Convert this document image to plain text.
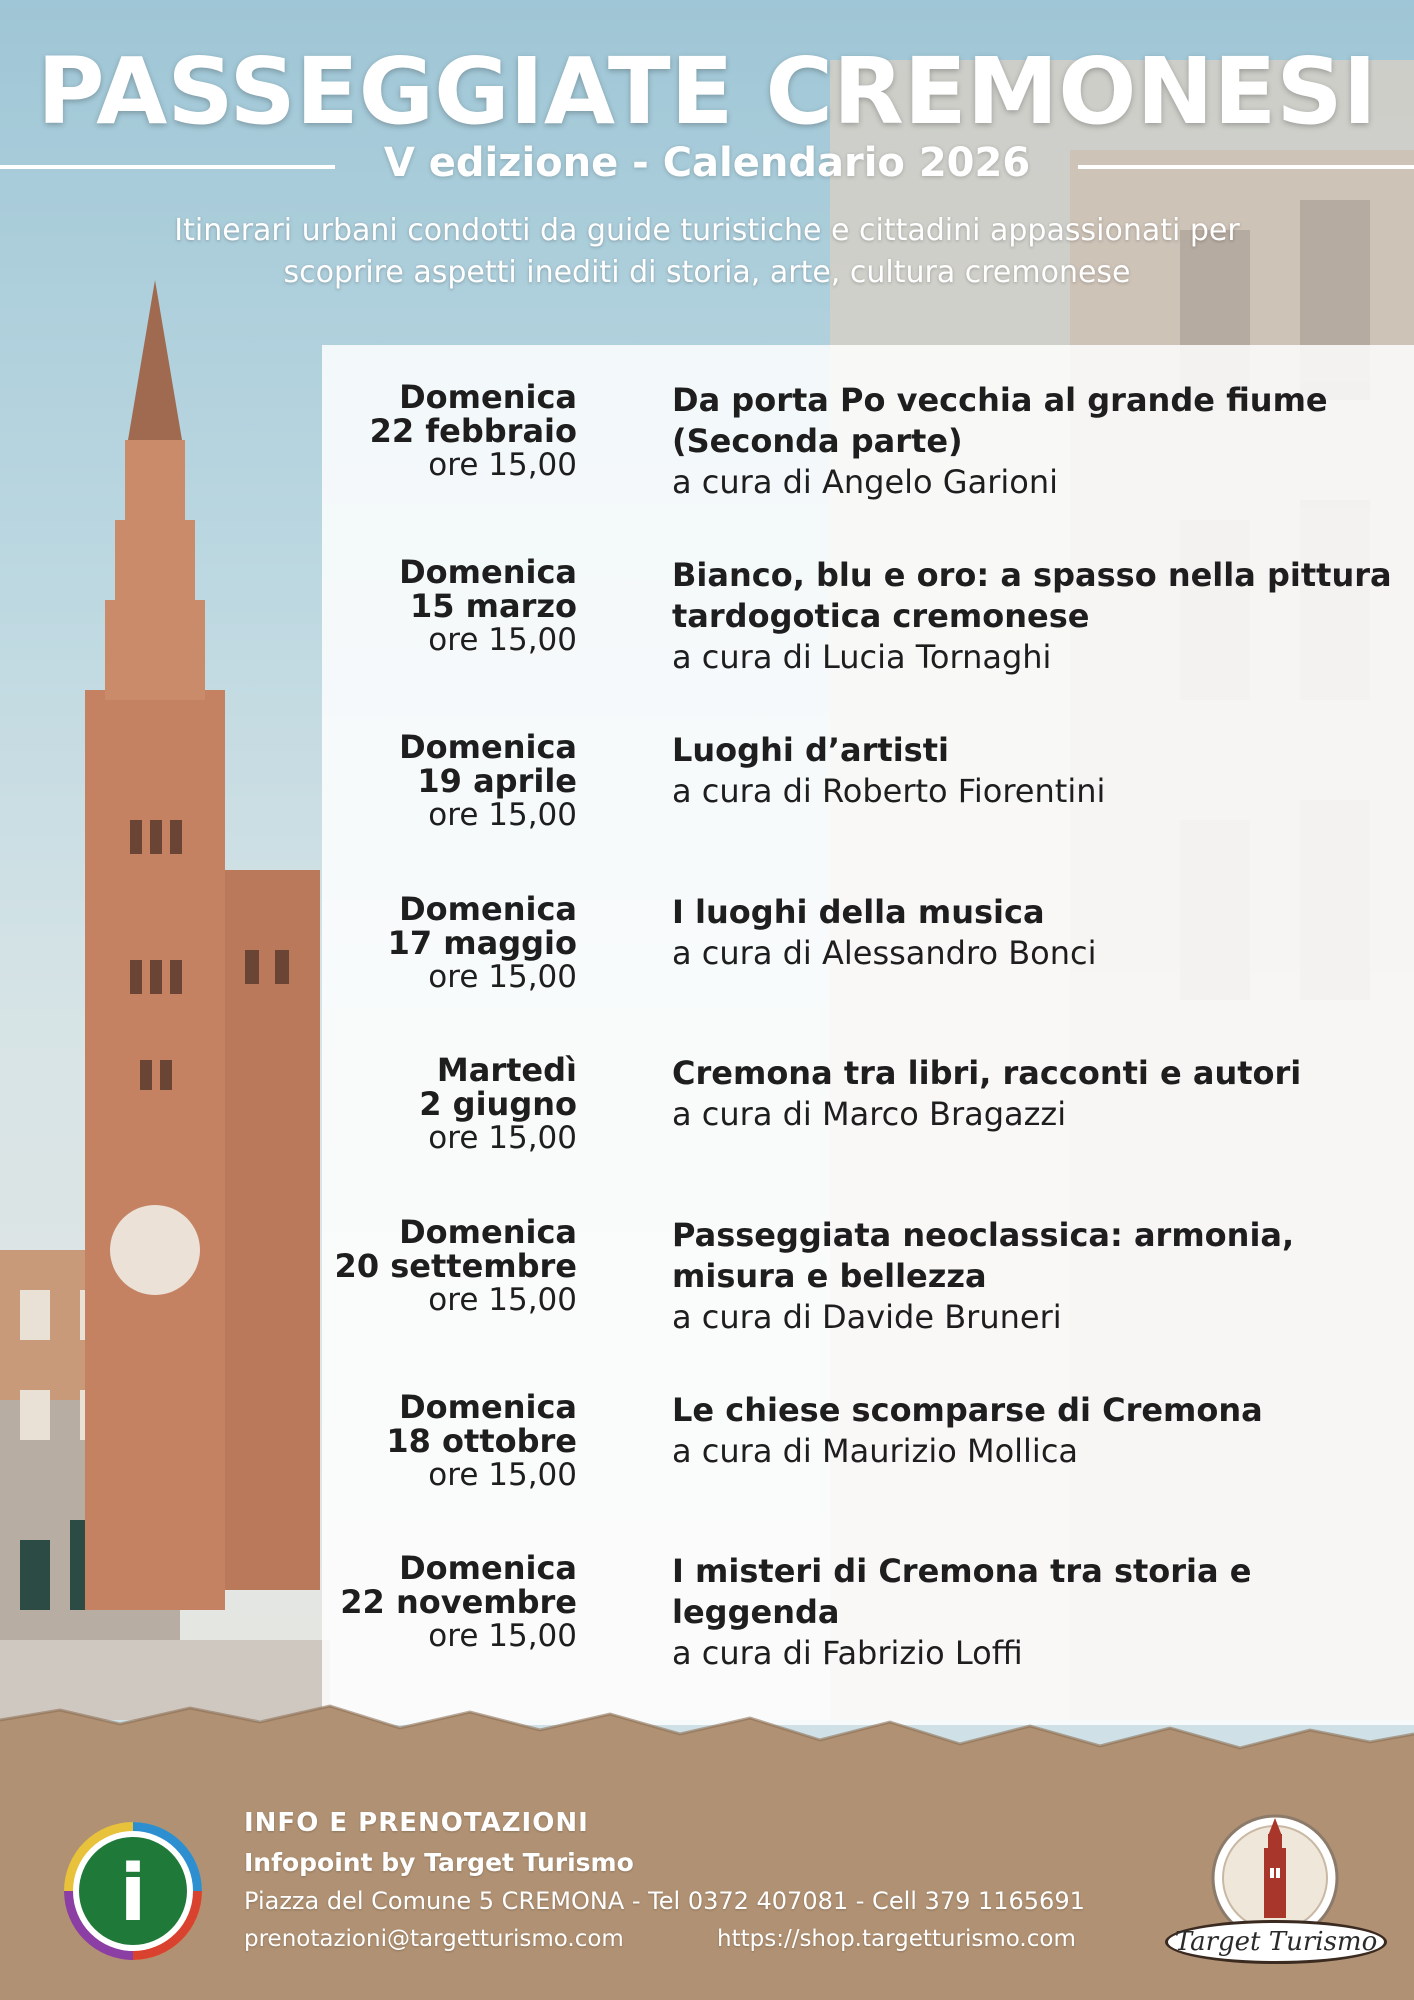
PASSEGGIATE CREMONESI
V edizione - Calendario 2026
Itinerari urbani condotti da guide turistiche e cittadini appassionati per
scoprire aspetti inediti di storia, arte, cultura cremonese
Domenica
22 febbraio
ore 15,00
Da porta Po vecchia al grande fiume
(Seconda parte)
a cura di Angelo Garioni
Domenica
15 marzo
ore 15,00
Bianco, blu e oro: a spasso nella pittura
tardogotica cremonese
a cura di Lucia Tornaghi
Domenica
19 aprile
ore 15,00
Luoghi d’artisti
a cura di Roberto Fiorentini
Domenica
17 maggio
ore 15,00
I luoghi della musica
a cura di Alessandro Bonci
Martedì
2 giugno
ore 15,00
Cremona tra libri, racconti e autori
a cura di Marco Bragazzi
Domenica
20 settembre
ore 15,00
Passeggiata neoclassica: armonia,
misura e bellezza
a cura di Davide Bruneri
Domenica
18 ottobre
ore 15,00
Le chiese scomparse di Cremona
a cura di Maurizio Mollica
Domenica
22 novembre
ore 15,00
I misteri di Cremona tra storia e
leggenda
a cura di Fabrizio Loffi
i
INFO E PRENOTAZIONI
Infopoint by Target Turismo
Piazza del Comune 5 CREMONA - Tel 0372 407081 - Cell 379 1165691
prenotazioni@targetturismo.com	https://shop.targetturismo.com	Target Turismo
